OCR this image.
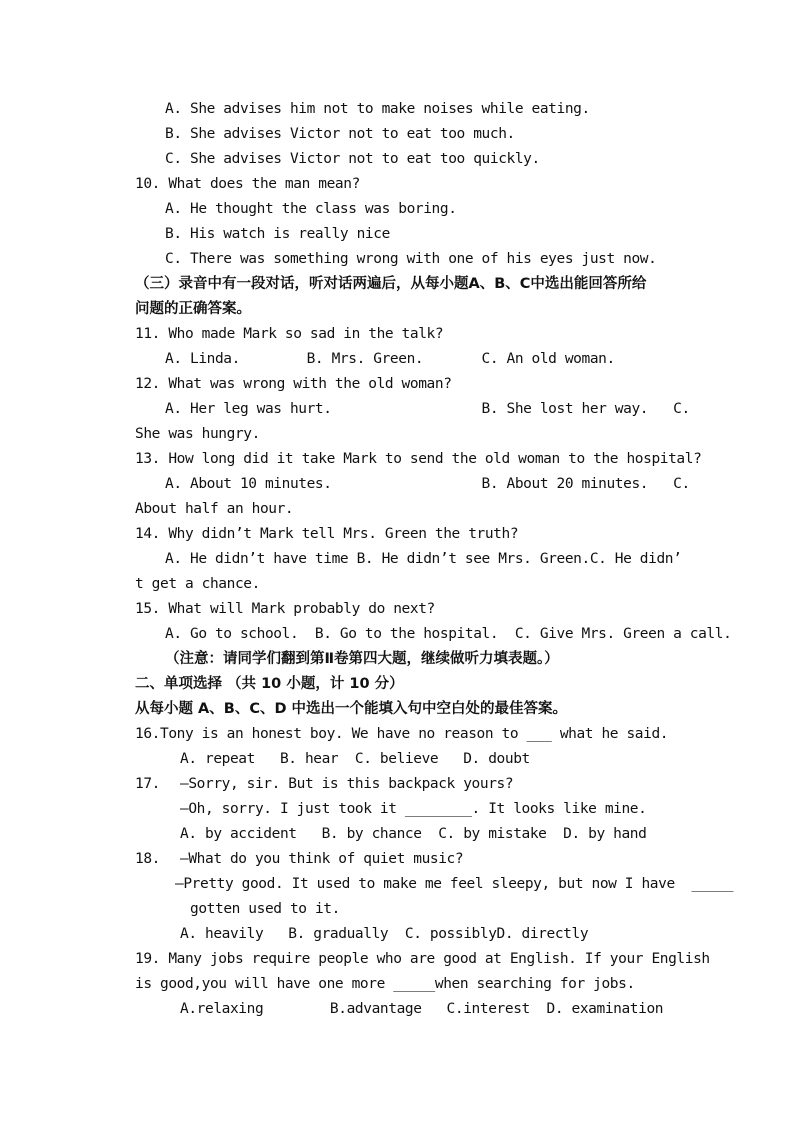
A. She advises him not to make noises while eating.
B. She advises Victor not to eat too much.
C. She advises Victor not to eat too quickly.
10. What does the man mean?
A. He thought the class was boring.
B. His watch is really nice
C. There was something wrong with one of his eyes just now.
（三）录音中有一段对话，听对话两遍后，从每小题A、B、C中选出能回答所给
问题的正确答案。
11. Who made Mark so sad in the talk?
A. Linda.        B. Mrs. Green.       C. An old woman.
12. What was wrong with the old woman?
A. Her leg was hurt.                  B. She lost her way.   C.
She was hungry.
13. How long did it take Mark to send the old woman to the hospital?
A. About 10 minutes.                  B. About 20 minutes.   C.
About half an hour.
14. Why didn’t Mark tell Mrs. Green the truth?
A. He didn’t have time B. He didn’t see Mrs. Green.C. He didn’
t get a chance.
15. What will Mark probably do next?
A. Go to school.  B. Go to the hospital.  C. Give Mrs. Green a call.
（注意：请同学们翻到第Ⅱ卷第四大题，继续做听力填表题。）
二、单项选择 （共 10 小题，计 10 分）
从每小题 A、B、C、D 中选出一个能填入句中空白处的最佳答案。
16.Tony is an honest boy. We have no reason to ___ what he said.
A. repeat   B. hear  C. believe   D. doubt
17. —Sorry, sir. But is this backpack yours?
—Oh, sorry. I just took it ________. It looks like mine.
A. by accident   B. by chance  C. by mistake  D. by hand
18. —What do you think of quiet music?
—Pretty good. It used to make me feel sleepy, but now I have  _____
gotten used to it.
A. heavily   B. gradually  C. possiblyD. directly
19. Many jobs require people who are good at English. If your English
is good,you will have one more _____when searching for jobs.
A.relaxing        B.advantage   C.interest  D. examination
